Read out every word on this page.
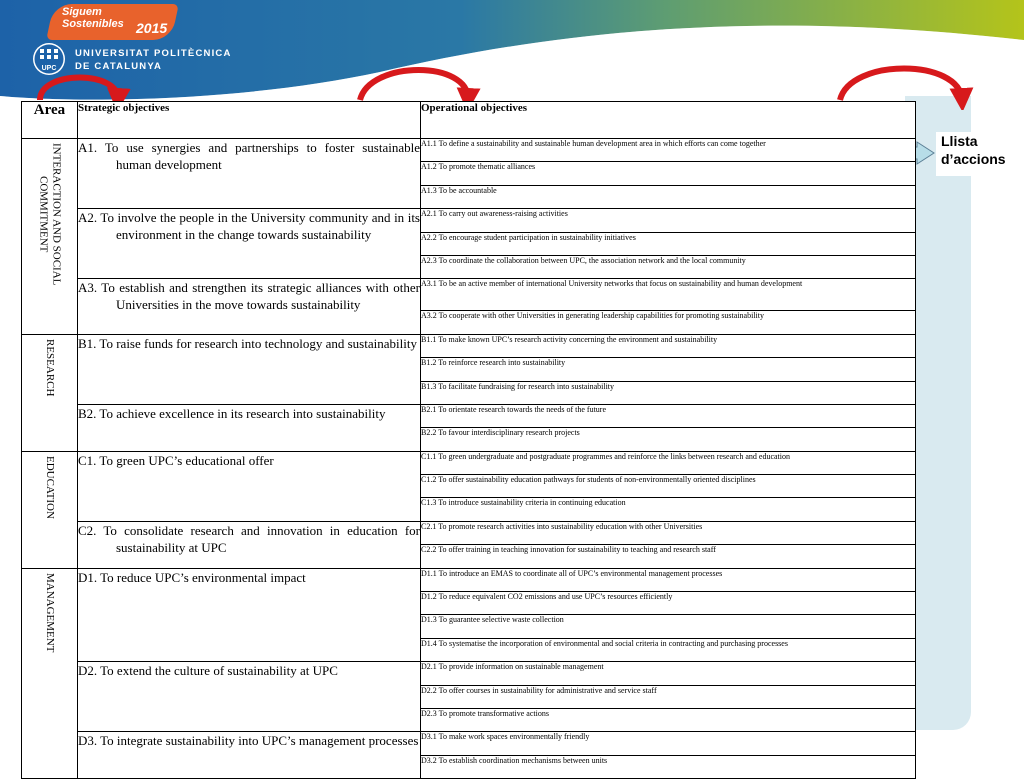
Siguem
Sostenibles 2015
UPC
UNIVERSITAT POLITÈCNICA
DE CATALUNYA
Llista
d’accions
Area	Strategic objectives	Operational objectives
INTERACTION AND SOCIAL
COMMITMENT	A1. To use synergies and partnerships to foster sustainable human development	A1.1 To define a sustainability and sustainable human development area in which efforts can come together

		A1.2 To promote thematic alliances

		A1.3 To be accountable

	A2. To involve the people in the University community and in its environment in the change towards sustainability	A2.1 To carry out awareness-raising activities

		A2.2 To encourage student participation in sustainability initiatives

		A2.3 To coordinate the collaboration between UPC, the association network and the local community

	A3. To establish and strengthen its strategic alliances with other Universities in the move towards sustainability	A3.1 To be an active member of international University networks that focus on sustainability and human development

		A3.2 To cooperate with other Universities in generating leadership capabilities for promoting sustainability

RESEARCH	B1. To raise funds for research into technology and sustainability	B1.1 To make known UPC’s research activity concerning the environment and sustainability

		B1.2 To reinforce research into sustainability

		B1.3 To facilitate fundraising for research into sustainability

	B2. To achieve excellence in its research into sustainability	B2.1 To orientate research towards the needs of the future

		B2.2 To favour interdisciplinary research projects

EDUCATION	C1. To green UPC’s educational offer	C1.1 To green undergraduate and postgraduate programmes and reinforce the links between research and education

		C1.2 To offer sustainability education pathways for students of non-environmentally oriented disciplines

		C1.3 To introduce sustainability criteria in continuing education

	C2. To consolidate research and innovation in education for sustainability at UPC	C2.1 To promote research activities into sustainability education with other Universities

		C2.2 To offer training in teaching innovation for sustainability to teaching and research staff

MANAGEMENT	D1. To reduce UPC’s environmental impact	D1.1 To introduce an EMAS to coordinate all of UPC’s environmental management processes

		D1.2 To reduce equivalent CO2 emissions and use UPC’s resources efficiently

		D1.3 To guarantee selective waste collection

		D1.4 To systematise the incorporation of environmental and social criteria in contracting and purchasing processes

	D2. To extend the culture of sustainability at UPC	D2.1 To provide information on sustainable management

		D2.2 To offer courses in sustainability for administrative and service staff

		D2.3 To promote transformative actions

	D3. To integrate sustainability into UPC’s management processes	D3.1 To make work spaces environmentally friendly

		D3.2 To establish coordination mechanisms between units
